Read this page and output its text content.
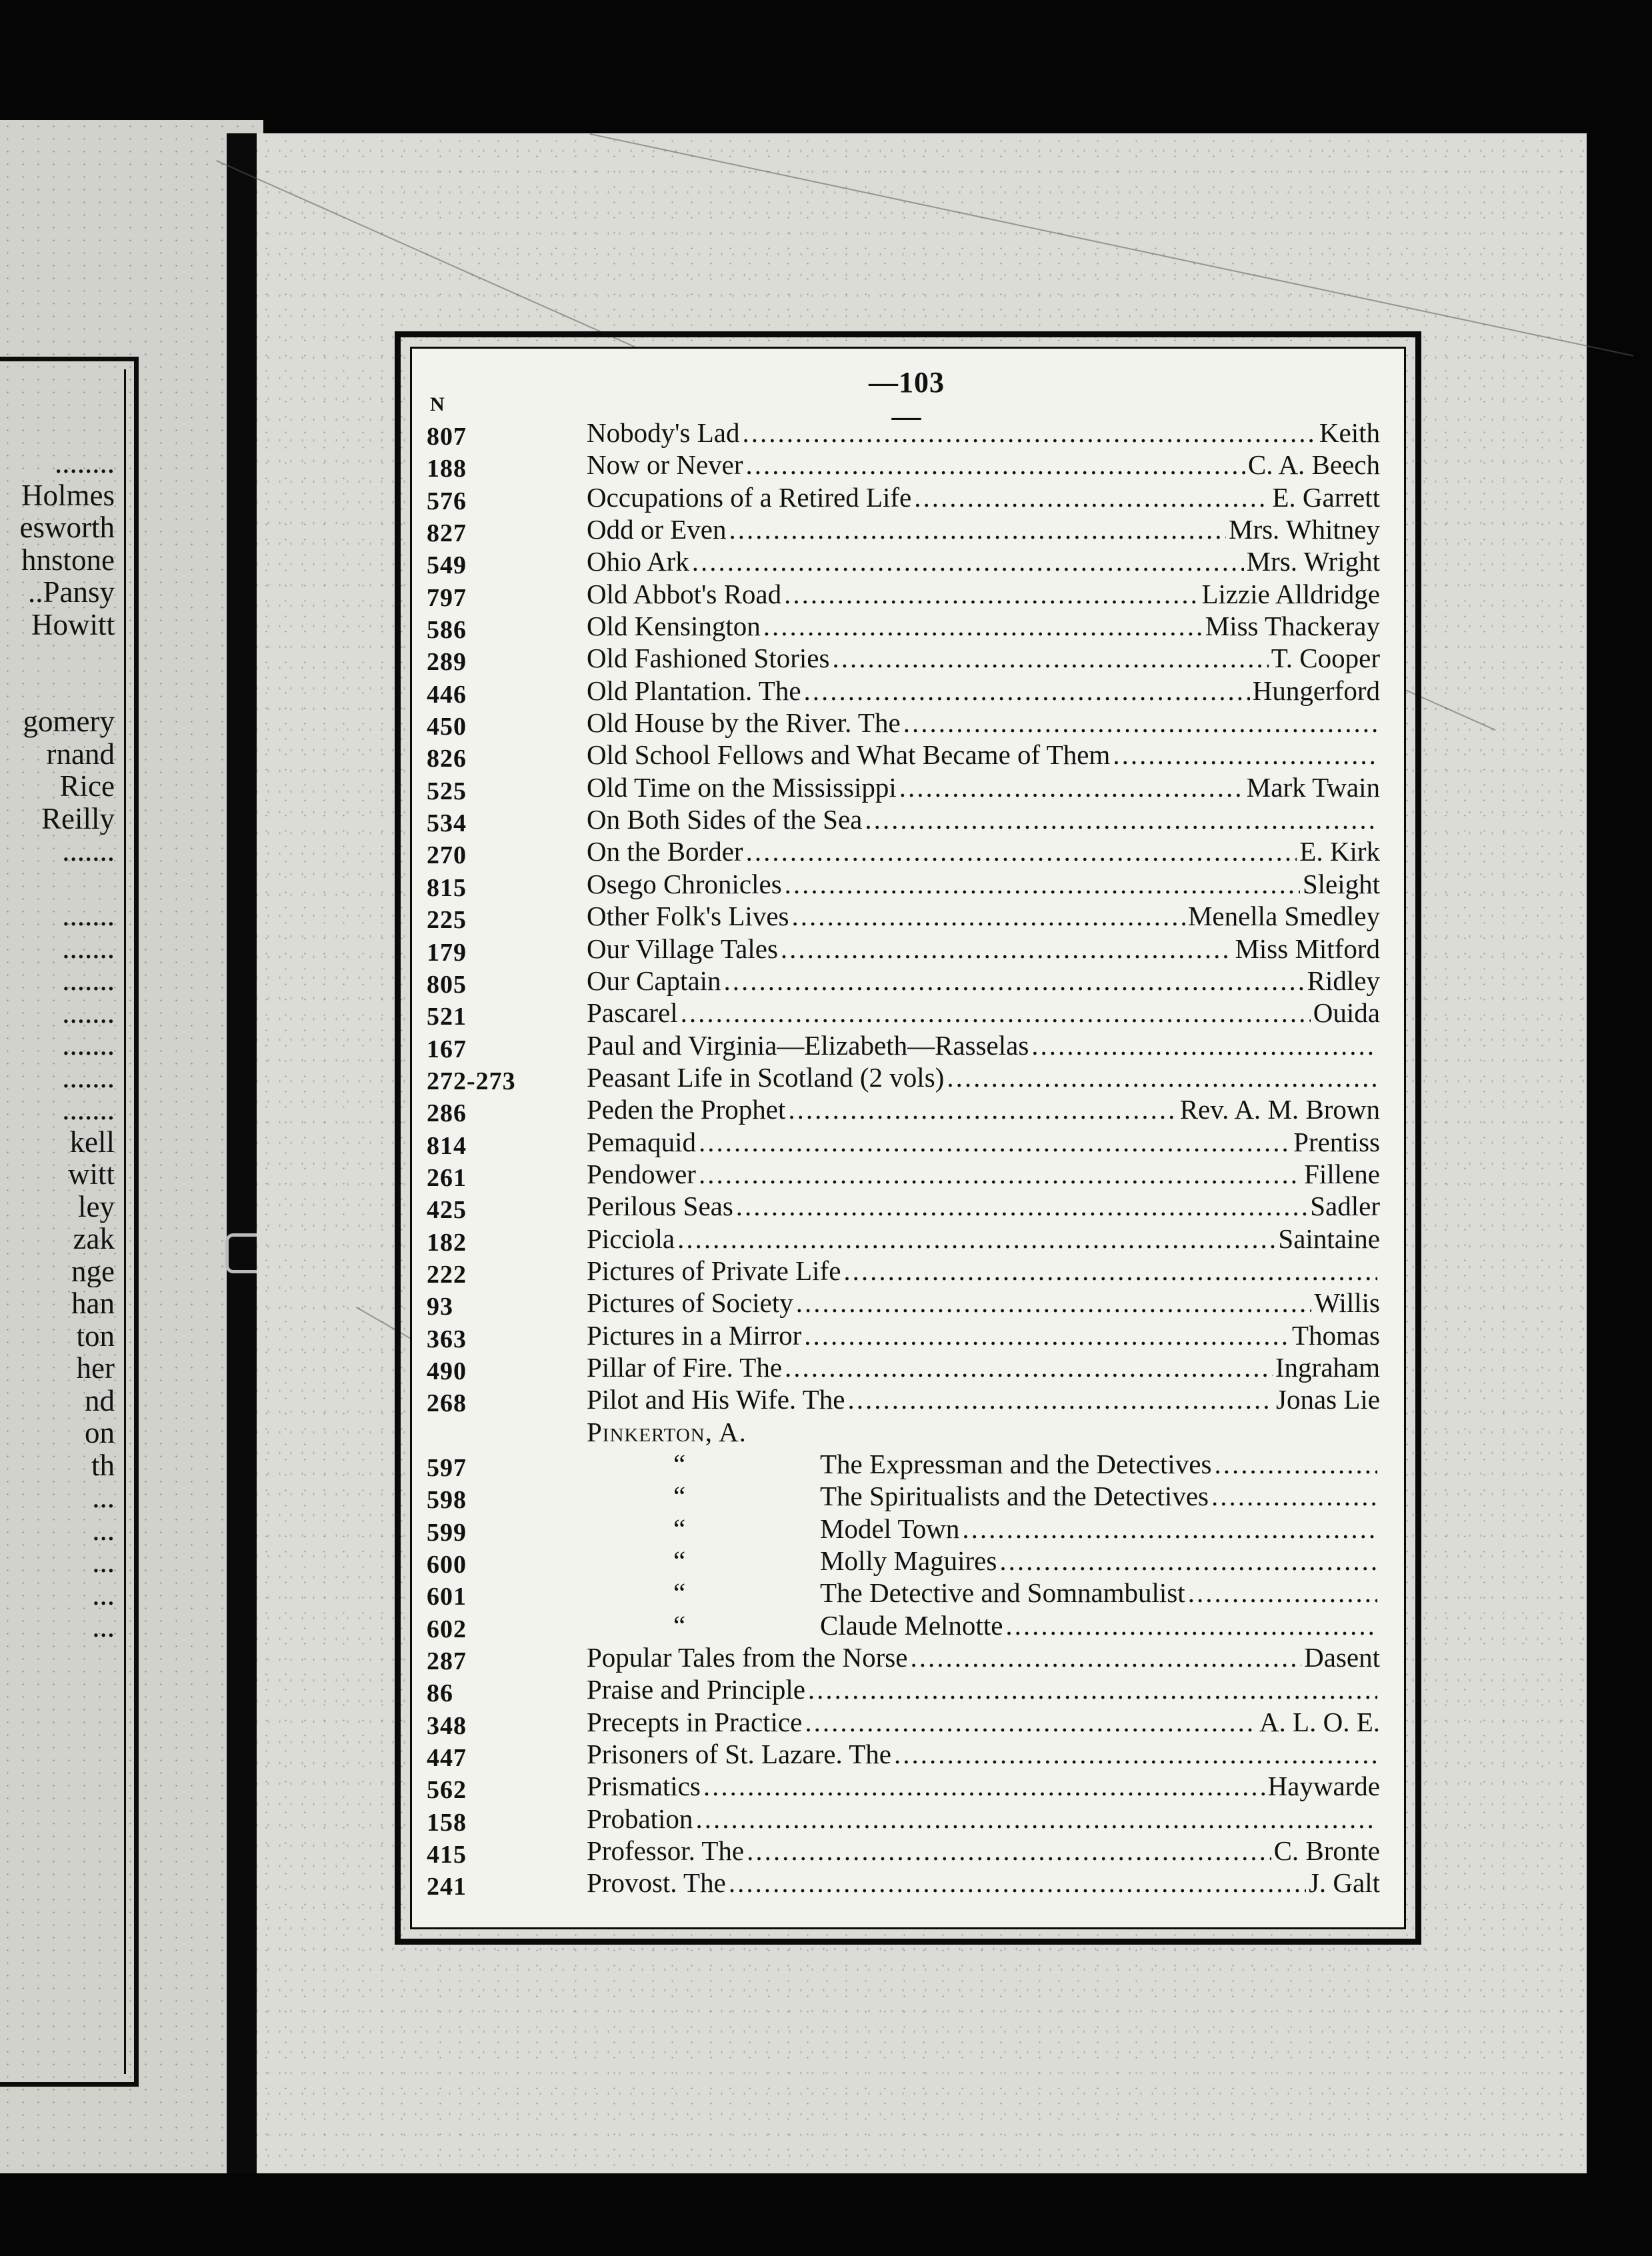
........
Holmes
esworth
hnstone
..Pansy
Howitt
gomery
rnand
Rice
Reilly
.......
.......
.......
.......
.......
.......
.......
.......
kell
witt
ley
zak
nge
han
ton
her
nd
on
th
...
...
...
...
...
—103—
N
807	Nobody's Lad .....	Keith
188	Now or Never .....	C. A. Beech
576	Occupations of a Retired Life .....	E. Garrett
827	Odd or Even .....	Mrs. Whitney
549	Ohio Ark .....	Mrs. Wright
797	Old Abbot's Road .....	Lizzie Alldridge
586	Old Kensington .....	Miss Thackeray
289	Old Fashioned Stories .....	T. Cooper
446	Old Plantation. The .....	Hungerford
450	Old House by the River. The
.....
826	Old School Fellows and What Became of Them
.....
525	Old Time on the Mississippi .....	Mark Twain
534	On Both Sides of the Sea
.....
270	On the Border .....	E. Kirk
815	Osego Chronicles .....	Sleight
225	Other Folk's Lives .....	Menella Smedley
179	Our Village Tales .....	Miss Mitford
805	Our Captain .....	Ridley
521	Pascarel .....	Ouida
167	Paul and Virginia—Elizabeth—Rasselas
.....
272-273	Peasant Life in Scotland (2 vols)
.....
286	Peden the Prophet .....	Rev. A. M. Brown
814	Pemaquid .....	Prentiss
261	Pendower .....	Fillene
425	Perilous Seas .....	Sadler
182	Picciola .....	Saintaine
222	Pictures of Private Life
.....
93	Pictures of Society .....	Willis
363	Pictures in a Mirror .....	Thomas
490	Pillar of Fire. The .....	Ingraham
268	Pilot and His Wife. The .....	Jonas Lie
Pinkerton, A.
597	“	The Expressman and the Detectives
.....
598	“	The Spiritualists and the Detectives
.....
599	“	Model Town
.....
600	“	Molly Maguires
.....
601	“	The Detective and Somnambulist
.....
602	“	Claude Melnotte
.....
287	Popular Tales from the Norse .....	Dasent
86	Praise and Principle
.....
348	Precepts in Practice .....	A. L. O. E.
447	Prisoners of St. Lazare. The
.....
562	Prismatics .....	Haywarde
158	Probation
.....
415	Professor. The .....	C. Bronte
241	Provost. The .....	J. Galt
